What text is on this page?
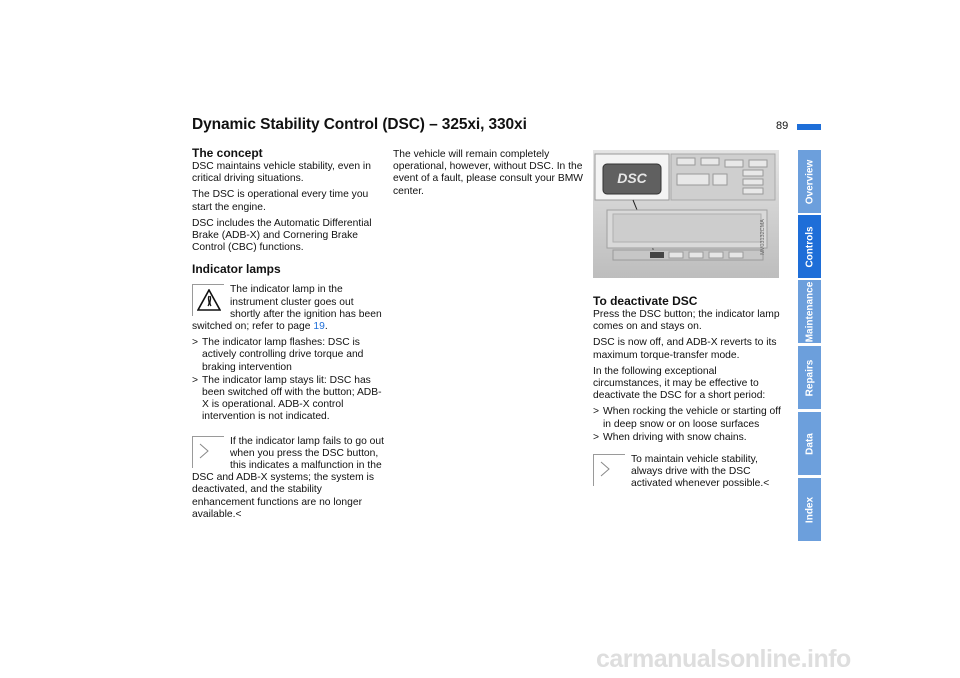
Dynamic Stability Control (DSC) – 325xi, 330xi	89
The concept

DSC maintains vehicle stability, even in critical driving situations.

The DSC is operational every time you start the engine.

DSC includes the Automatic Differential Brake (ADB-X) and Cornering Brake Control (CBC) functions.

Indicator lamps
The indicator lamp in the instrument cluster goes out shortly after the ignition has been switched on; refer to page 19.
> The indicator lamp flashes: DSC is actively controlling drive torque and braking intervention
> The indicator lamp stays lit: DSC has been switched off with the button; ADB-X is operational. ADB-X control intervention is not indicated.
If the indicator lamp fails to go out when you press the DSC button, this indicates a malfunction in the DSC and ADB-X systems; the system is deactivated, and the stability enhancement functions are no longer available.<

The vehicle will remain completely operational, however, without DSC. In the event of a fault, please consult your BMW center.

DSC
MV03132CMA
To deactivate DSC

Press the DSC button; the indicator lamp comes on and stays on.

DSC is now off, and ADB-X reverts to its maximum torque-transfer mode.

In the following exceptional circumstances, it may be effective to deactivate the DSC for a short period:

> When rocking the vehicle or starting off in deep snow or on loose surfaces
> When driving with snow chains.
To maintain vehicle stability, always drive with the DSC activated whenever possible.<
Overview
Controls
Maintenance
Repairs
Data
Index
carmanualsonline.info
